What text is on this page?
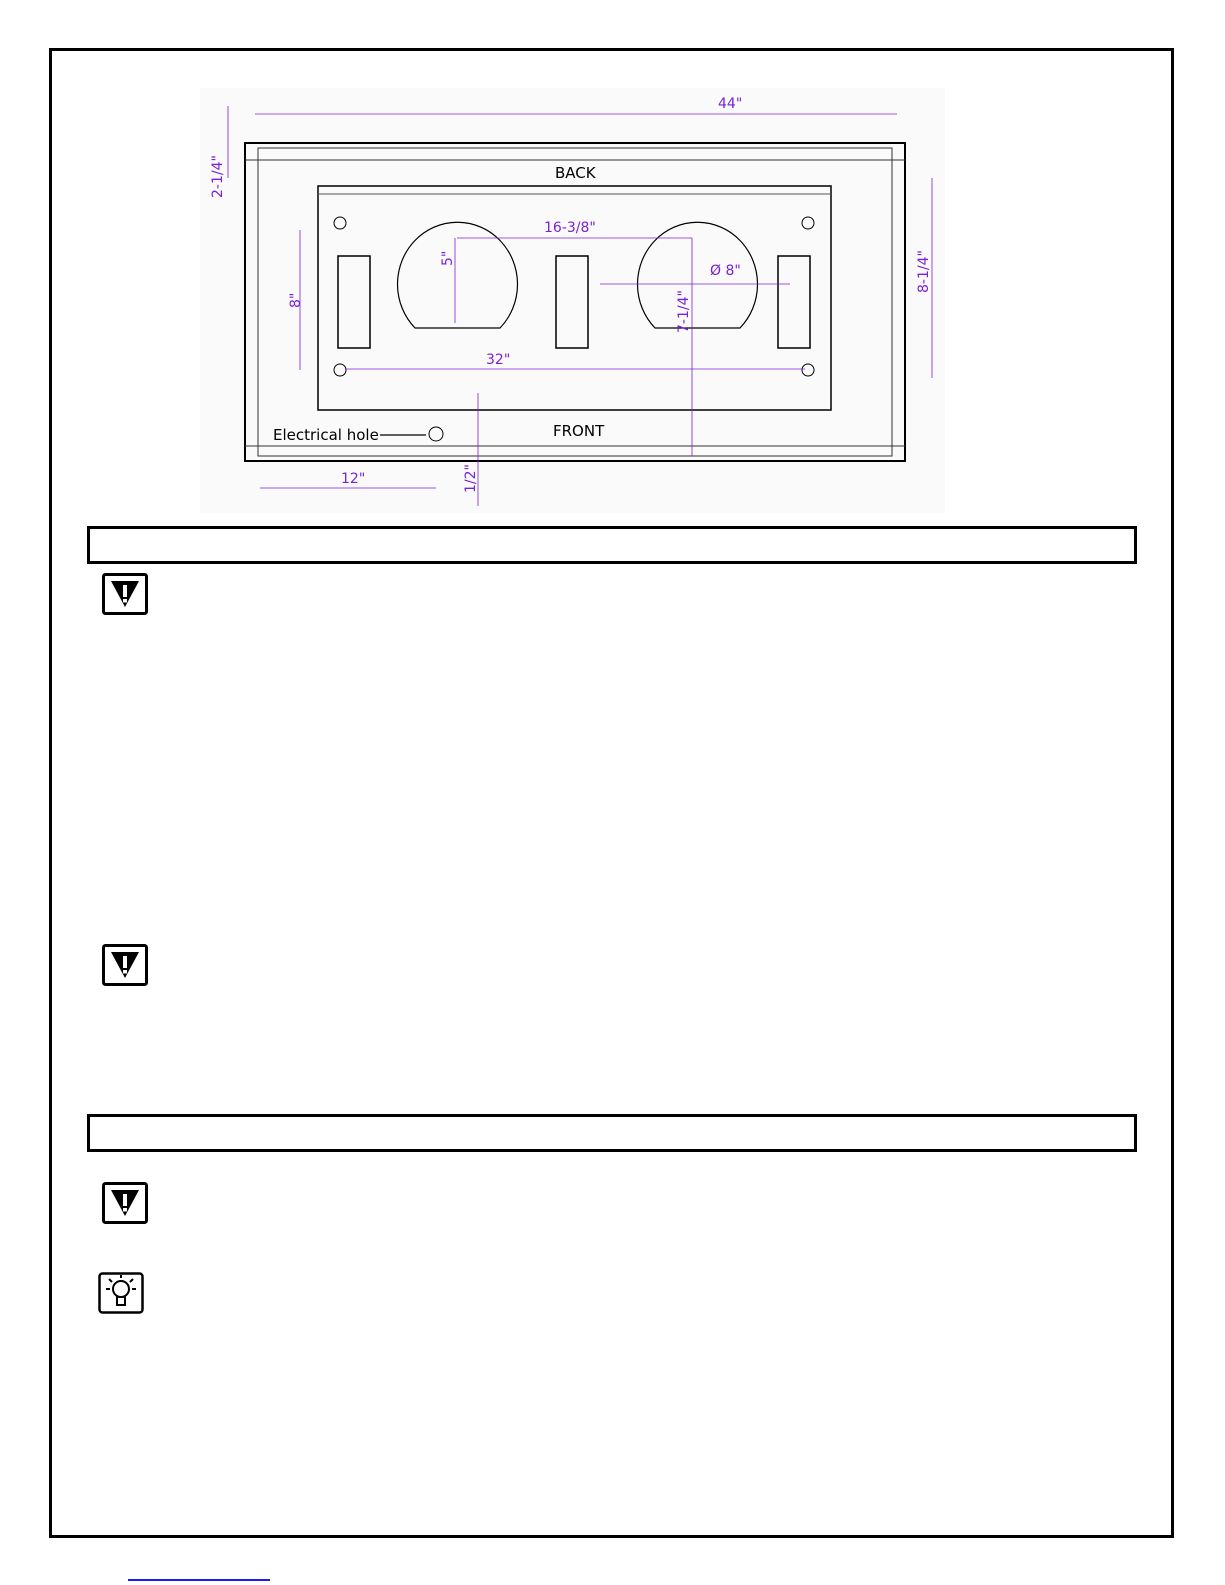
44"
2-1/4"
8-1/4"
16-3/8"
Ø 8"
5"
8"	7-1/4"
32"
12"	1/2"
BACK
FRONT
Electrical hole
